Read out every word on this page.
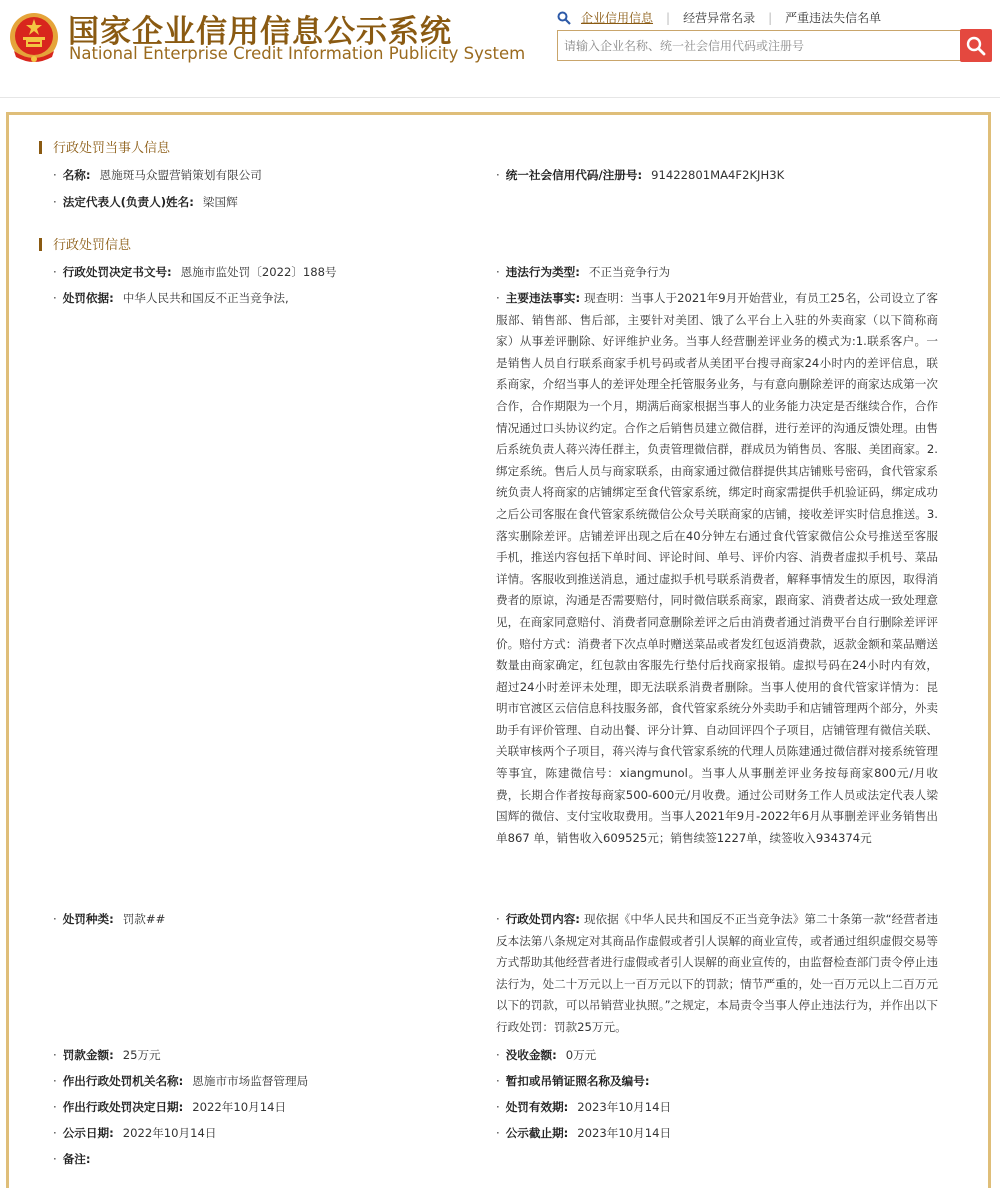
国家企业信用信息公示系统
National Enterprise Credit Information Publicity System
企业信用信息 | 经营异常名录 | 严重违法失信名单
请输入企业名称、统一社会信用代码或注册号
行政处罚当事人信息
· 名称: 恩施斑马众盟营销策划有限公司	· 统一社会信用代码/注册号: 91422801MA4F2KJH3K
· 法定代表人(负责人)姓名: 梁国辉
行政处罚信息
· 行政处罚决定书文号: 恩施市监处罚〔2022〕188号	· 违法行为类型: 不正当竞争行为
· 处罚依据: 中华人民共和国反不正当竞争法,	· 主要违法事实: 现查明：当事人于2021年9月开始营业，有员工25名，公司设立了客服部、销售部、售后部，主要针对美团、饿了么平台上入驻的外卖商家（以下简称商家）从事差评删除、好评维护业务。当事人经营删差评业务的模式为:1.联系客户。一是销售人员自行联系商家手机号码或者从美团平台搜寻商家24小时内的差评信息，联系商家，介绍当事人的差评处理全托管服务业务，与有意向删除差评的商家达成第一次合作，合作期限为一个月，期满后商家根据当事人的业务能力决定是否继续合作，合作情况通过口头协议约定。合作之后销售员建立微信群，进行差评的沟通反馈处理。由售后系统负责人蒋兴涛任群主，负责管理微信群，群成员为销售员、客服、美团商家。2.绑定系统。售后人员与商家联系，由商家通过微信群提供其店铺账号密码，食代管家系统负责人将商家的店铺绑定至食代管家系统，绑定时商家需提供手机验证码，绑定成功之后公司客服在食代管家系统微信公众号关联商家的店铺，接收差评实时信息推送。3.落实删除差评。店铺差评出现之后在40分钟左右通过食代管家微信公众号推送至客服手机，推送内容包括下单时间、评论时间、单号、评价内容、消费者虚拟手机号、菜品详情。客服收到推送消息，通过虚拟手机号联系消费者，解释事情发生的原因，取得消费者的原谅，沟通是否需要赔付，同时微信联系商家，跟商家、消费者达成一致处理意见，在商家同意赔付、消费者同意删除差评之后由消费者通过消费平台自行删除差评评价。赔付方式：消费者下次点单时赠送菜品或者发红包返消费款，返款金额和菜品赠送数量由商家确定，红包款由客服先行垫付后找商家报销。虚拟号码在24小时内有效，超过24小时差评未处理，即无法联系消费者删除。当事人使用的食代管家详情为：昆明市官渡区云信信息科技服务部，食代管家系统分外卖助手和店铺管理两个部分，外卖助手有评价管理、自动出餐、评分计算、自动回评四个子项目，店铺管理有微信关联、关联审核两个子项目，蒋兴涛与食代管家系统的代理人员陈建通过微信群对接系统管理等事宜，陈建微信号：xiangmunol。当事人从事删差评业务按每商家800元/月收费，长期合作者按每商家500-600元/月收费。通过公司财务工作人员或法定代表人梁国辉的微信、支付宝收取费用。当事人2021年9月-2022年6月从事删差评业务销售出单867 单，销售收入609525元；销售续签1227单，续签收入934374元
· 处罚种类: 罚款##	· 行政处罚内容: 现依据《中华人民共和国反不正当竞争法》第二十条第一款“经营者违反本法第八条规定对其商品作虚假或者引人误解的商业宣传，或者通过组织虚假交易等方式帮助其他经营者进行虚假或者引人误解的商业宣传的，由监督检查部门责令停止违法行为，处二十万元以上一百万元以下的罚款；情节严重的，处一百万元以上二百万元以下的罚款，可以吊销营业执照。”之规定，本局责令当事人停止违法行为，并作出以下行政处罚：罚款25万元。
· 罚款金额: 25万元	· 没收金额: 0万元
· 作出行政处罚机关名称: 恩施市市场监督管理局	· 暂扣或吊销证照名称及编号:
· 作出行政处罚决定日期: 2022年10月14日	· 处罚有效期: 2023年10月14日
· 公示日期: 2022年10月14日	· 公示截止期: 2023年10月14日
· 备注:
